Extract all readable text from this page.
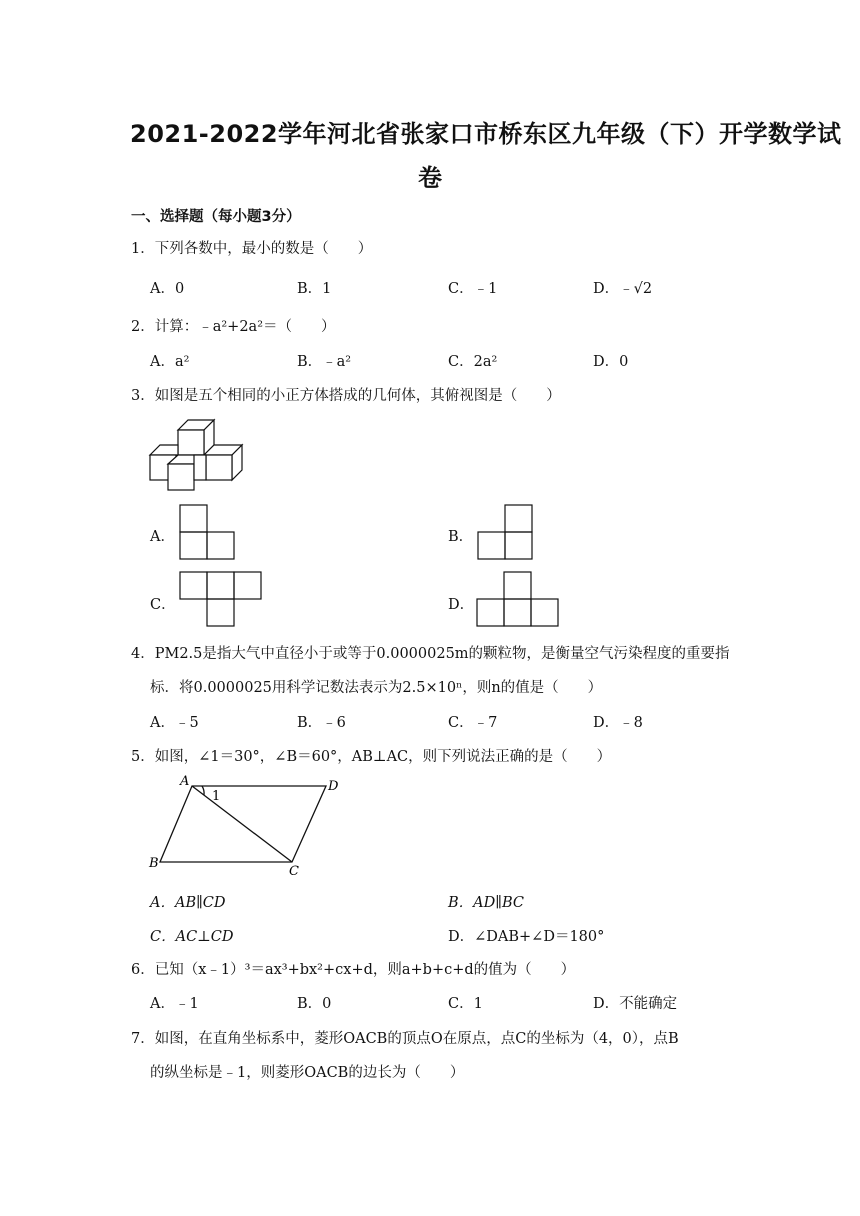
2021-2022学年河北省张家口市桥东区九年级（下）开学数学试
卷
一、选择题（每小题3分）
1．下列各数中，最小的数是（　　）
A．0	B．1	C．﹣1	D．﹣√2
2．计算：﹣a²+2a²＝（　　）
A．a²	B．﹣a²	C．2a²	D．0
3．如图是五个相同的小正方体搭成的几何体，其俯视图是（　　）
A．	B．
C．	D．
4．PM2.5是指大气中直径小于或等于0.0000025m的颗粒物，是衡量空气污染程度的重要指
标．将0.0000025用科学记数法表示为2.5×10ⁿ，则n的值是（　　）
A．﹣5	B．﹣6	C．﹣7	D．﹣8
5．如图，∠1＝30°，∠B＝60°，AB⊥AC，则下列说法正确的是（　　）
A	D
B
C
1
A．AB∥CD	B．AD∥BC
C．AC⊥CD	D．∠DAB+∠D＝180°
6．已知（x﹣1）³＝ax³+bx²+cx+d，则a+b+c+d的值为（　　）
A．﹣1	B．0	C．1	D．不能确定
7．如图，在直角坐标系中，菱形OACB的顶点O在原点，点C的坐标为（4，0），点B
的纵坐标是﹣1，则菱形OACB的边长为（　　）
